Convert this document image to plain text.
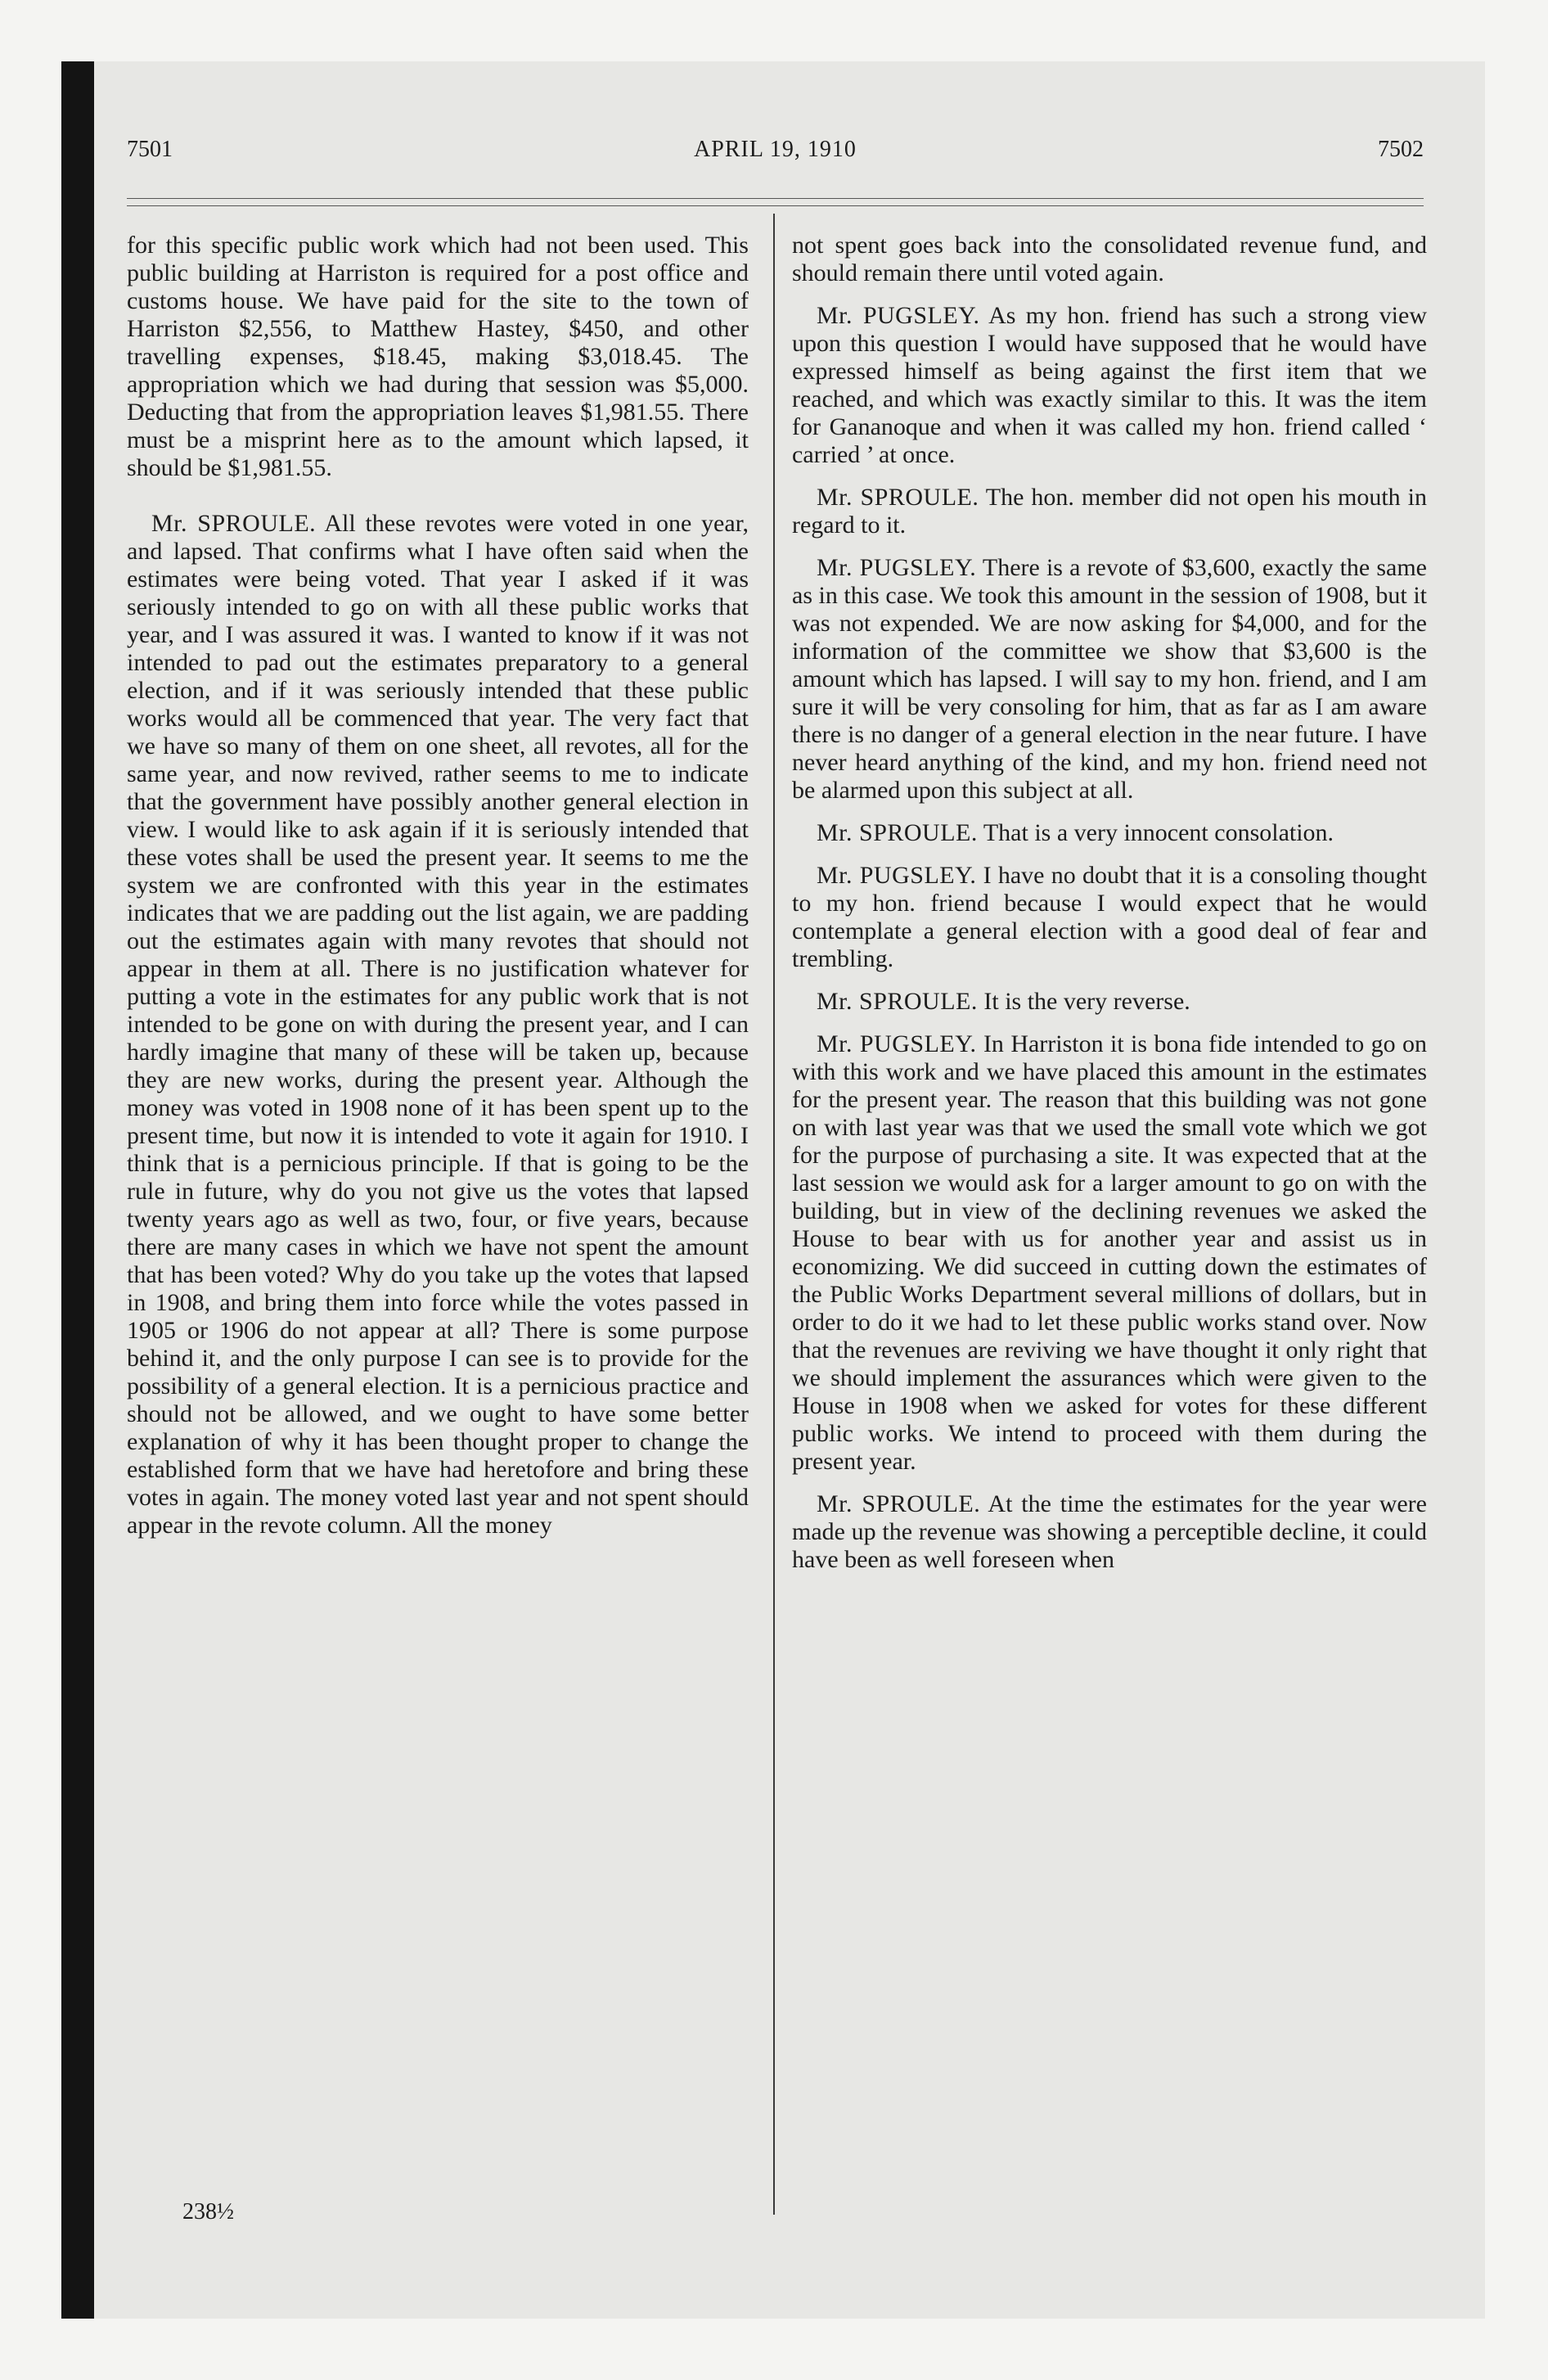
7501	APRIL 19, 1910	7502

for this specific public work which had not been used. This public building at Harriston is required for a post office and customs house. We have paid for the site to the town of Harriston $2,556, to Matthew Hastey, $450, and other travelling expenses, $18.45, making $3,018.45. The appropriation which we had during that session was $5,000. Deducting that from the appropriation leaves $1,981.55. There must be a misprint here as to the amount which lapsed, it should be $1,981.55.

Mr. SPROULE. All these revotes were voted in one year, and lapsed. That confirms what I have often said when the estimates were being voted. That year I asked if it was seriously intended to go on with all these public works that year, and I was assured it was. I wanted to know if it was not intended to pad out the estimates preparatory to a general election, and if it was seriously intended that these public works would all be commenced that year. The very fact that we have so many of them on one sheet, all revotes, all for the same year, and now revived, rather seems to me to indicate that the government have possibly another general election in view. I would like to ask again if it is seriously intended that these votes shall be used the present year. It seems to me the system we are confronted with this year in the estimates indicates that we are padding out the list again, we are padding out the estimates again with many revotes that should not appear in them at all. There is no justification whatever for putting a vote in the estimates for any public work that is not intended to be gone on with during the present year, and I can hardly imagine that many of these will be taken up, because they are new works, during the present year. Although the money was voted in 1908 none of it has been spent up to the present time, but now it is intended to vote it again for 1910. I think that is a pernicious principle. If that is going to be the rule in future, why do you not give us the votes that lapsed twenty years ago as well as two, four, or five years, because there are many cases in which we have not spent the amount that has been voted? Why do you take up the votes that lapsed in 1908, and bring them into force while the votes passed in 1905 or 1906 do not appear at all? There is some purpose behind it, and the only purpose I can see is to provide for the possibility of a general election. It is a pernicious practice and should not be allowed, and we ought to have some better explanation of why it has been thought proper to change the established form that we have had heretofore and bring these votes in again. The money voted last year and not spent should appear in the revote column. All the money

not spent goes back into the consolidated revenue fund, and should remain there until voted again.

Mr. PUGSLEY. As my hon. friend has such a strong view upon this question I would have supposed that he would have expressed himself as being against the first item that we reached, and which was exactly similar to this. It was the item for Gananoque and when it was called my hon. friend called ‘ carried ’ at once.

Mr. SPROULE. The hon. member did not open his mouth in regard to it.

Mr. PUGSLEY. There is a revote of $3,600, exactly the same as in this case. We took this amount in the session of 1908, but it was not expended. We are now asking for $4,000, and for the information of the committee we show that $3,600 is the amount which has lapsed. I will say to my hon. friend, and I am sure it will be very consoling for him, that as far as I am aware there is no danger of a general election in the near future. I have never heard anything of the kind, and my hon. friend need not be alarmed upon this subject at all.

Mr. SPROULE. That is a very innocent consolation.

Mr. PUGSLEY. I have no doubt that it is a consoling thought to my hon. friend because I would expect that he would contemplate a general election with a good deal of fear and trembling.

Mr. SPROULE. It is the very reverse.

Mr. PUGSLEY. In Harriston it is bona fide intended to go on with this work and we have placed this amount in the estimates for the present year. The reason that this building was not gone on with last year was that we used the small vote which we got for the purpose of purchasing a site. It was expected that at the last session we would ask for a larger amount to go on with the building, but in view of the declining revenues we asked the House to bear with us for another year and assist us in economizing. We did succeed in cutting down the estimates of the Public Works Department several millions of dollars, but in order to do it we had to let these public works stand over. Now that the revenues are reviving we have thought it only right that we should implement the assurances which were given to the House in 1908 when we asked for votes for these different public works. We intend to proceed with them during the present year.

Mr. SPROULE. At the time the estimates for the year were made up the revenue was showing a perceptible decline, it could have been as well foreseen when

238½
